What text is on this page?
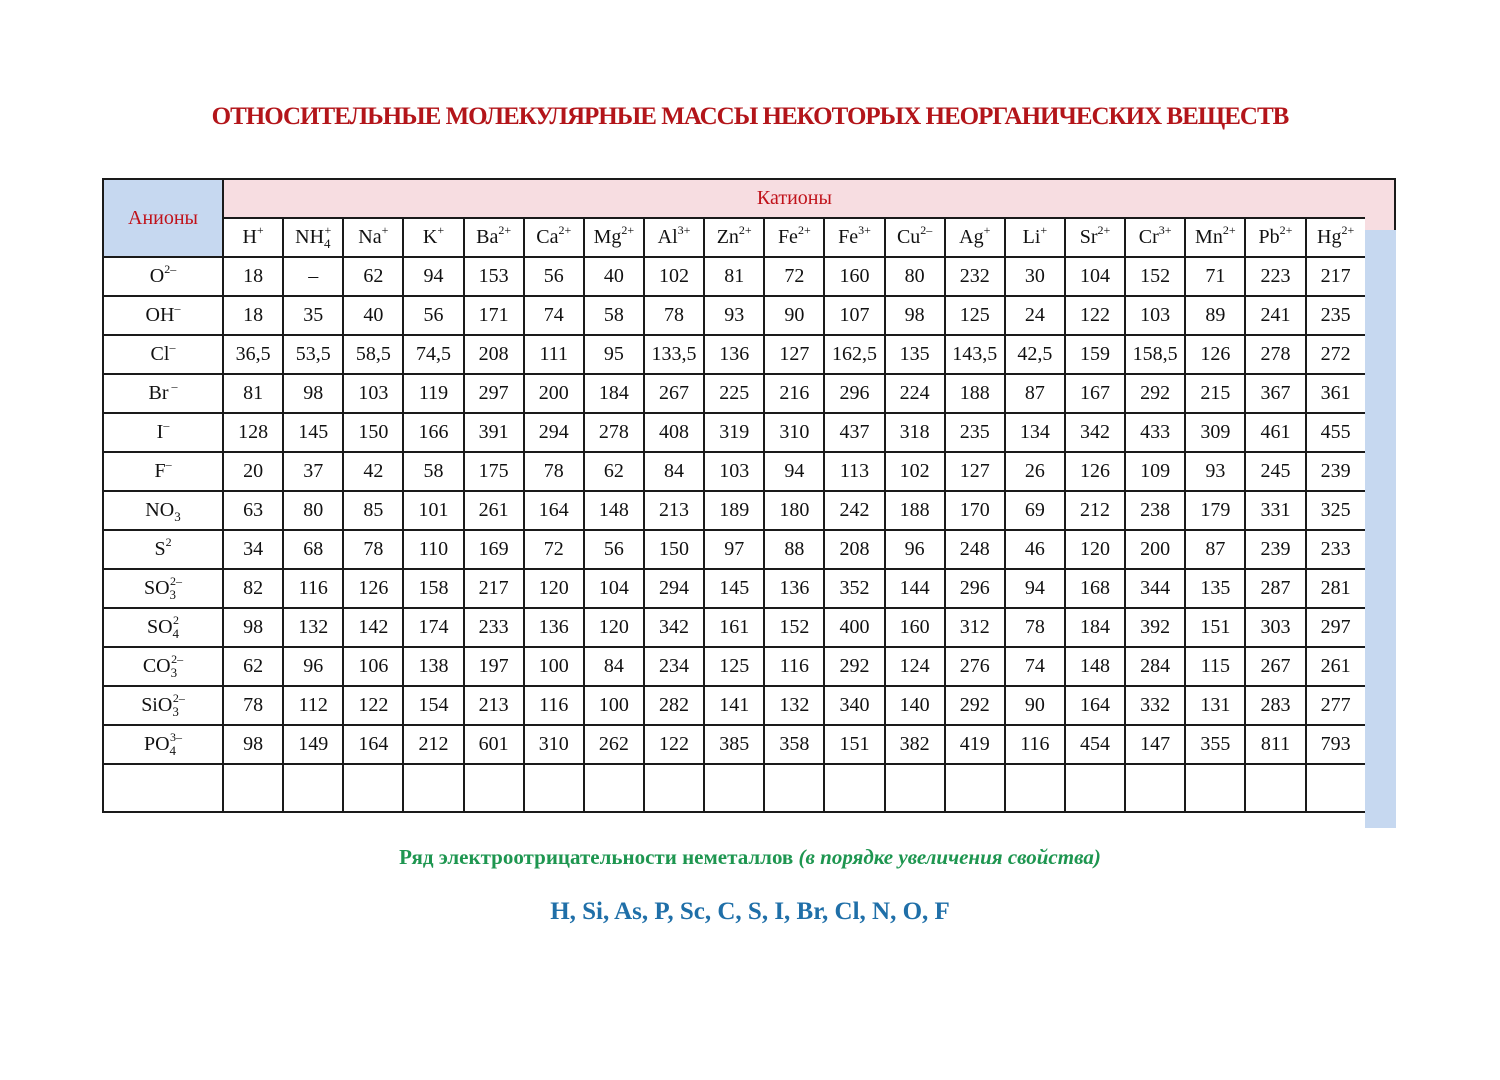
ОТНОСИТЕЛЬНЫЕ МОЛЕКУЛЯРНЫЕ МАССЫ НЕКОТОРЫХ НЕОРГАНИЧЕСКИХ ВЕЩЕСТВ
Анионы	Катионы																		
	H+	$NH_4^+$	Na+	K+	$Ba^{2+}$	$Ca^{2+}$	$Mg^{2+}$	$Al^{3+}$	$Zn^{2+}$	$Fe^{2+}$	$Fe^{3+}$	$Cu^{2-}$	Ag+	Li+	$Sr^{2+}$	$Cr^{3+}$	$Mn^{2+}$	$Pb^{2+}$	$Hg^{2+}$
$O^{2-}$	18	–	62	94	153	56	40	102	81	72	160	80	232	30	104	152	71	223	217
OH–	18	35	40	56	171	74	58	78	93	90	107	98	125	24	122	103	89	241	235
Cl–	36,5	53,5	58,5	74,5	208	111	95	133,5	136	127	162,5	135	143,5	42,5	159	158,5	126	278	272
Br –	81	98	103	119	297	200	184	267	225	216	296	224	188	87	167	292	215	367	361
I–	128	145	150	166	391	294	278	408	319	310	437	318	235	134	342	433	309	461	455
F–	20	37	42	58	175	78	62	84	103	94	113	102	127	26	126	109	93	245	239
$NO_3$	63	80	85	101	261	164	148	213	189	180	242	188	170	69	212	238	179	331	325
$S^2$	34	68	78	110	169	72	56	150	97	88	208	96	248	46	120	200	87	239	233
$SO_3^{2-}$	82	116	126	158	217	120	104	294	145	136	352	144	296	94	168	344	135	287	281
$SO_4^2$	98	132	142	174	233	136	120	342	161	152	400	160	312	78	184	392	151	303	297
$CO_3^{2-}$	62	96	106	138	197	100	84	234	125	116	292	124	276	74	148	284	115	267	261
SiO$_3^{2-}$	78	112	122	154	213	116	100	282	141	132	340	140	292	90	164	332	131	283	277
$PO_4^{3-}$	98	149	164	212	601	310	262	122	385	358	151	382	419	116	454	147	355	811	793

Ряд электроотрицательности неметаллов (в порядке увеличения свойства)
H, Si, As, P, Sc, C, S, I, Br, Cl, N, O, F
